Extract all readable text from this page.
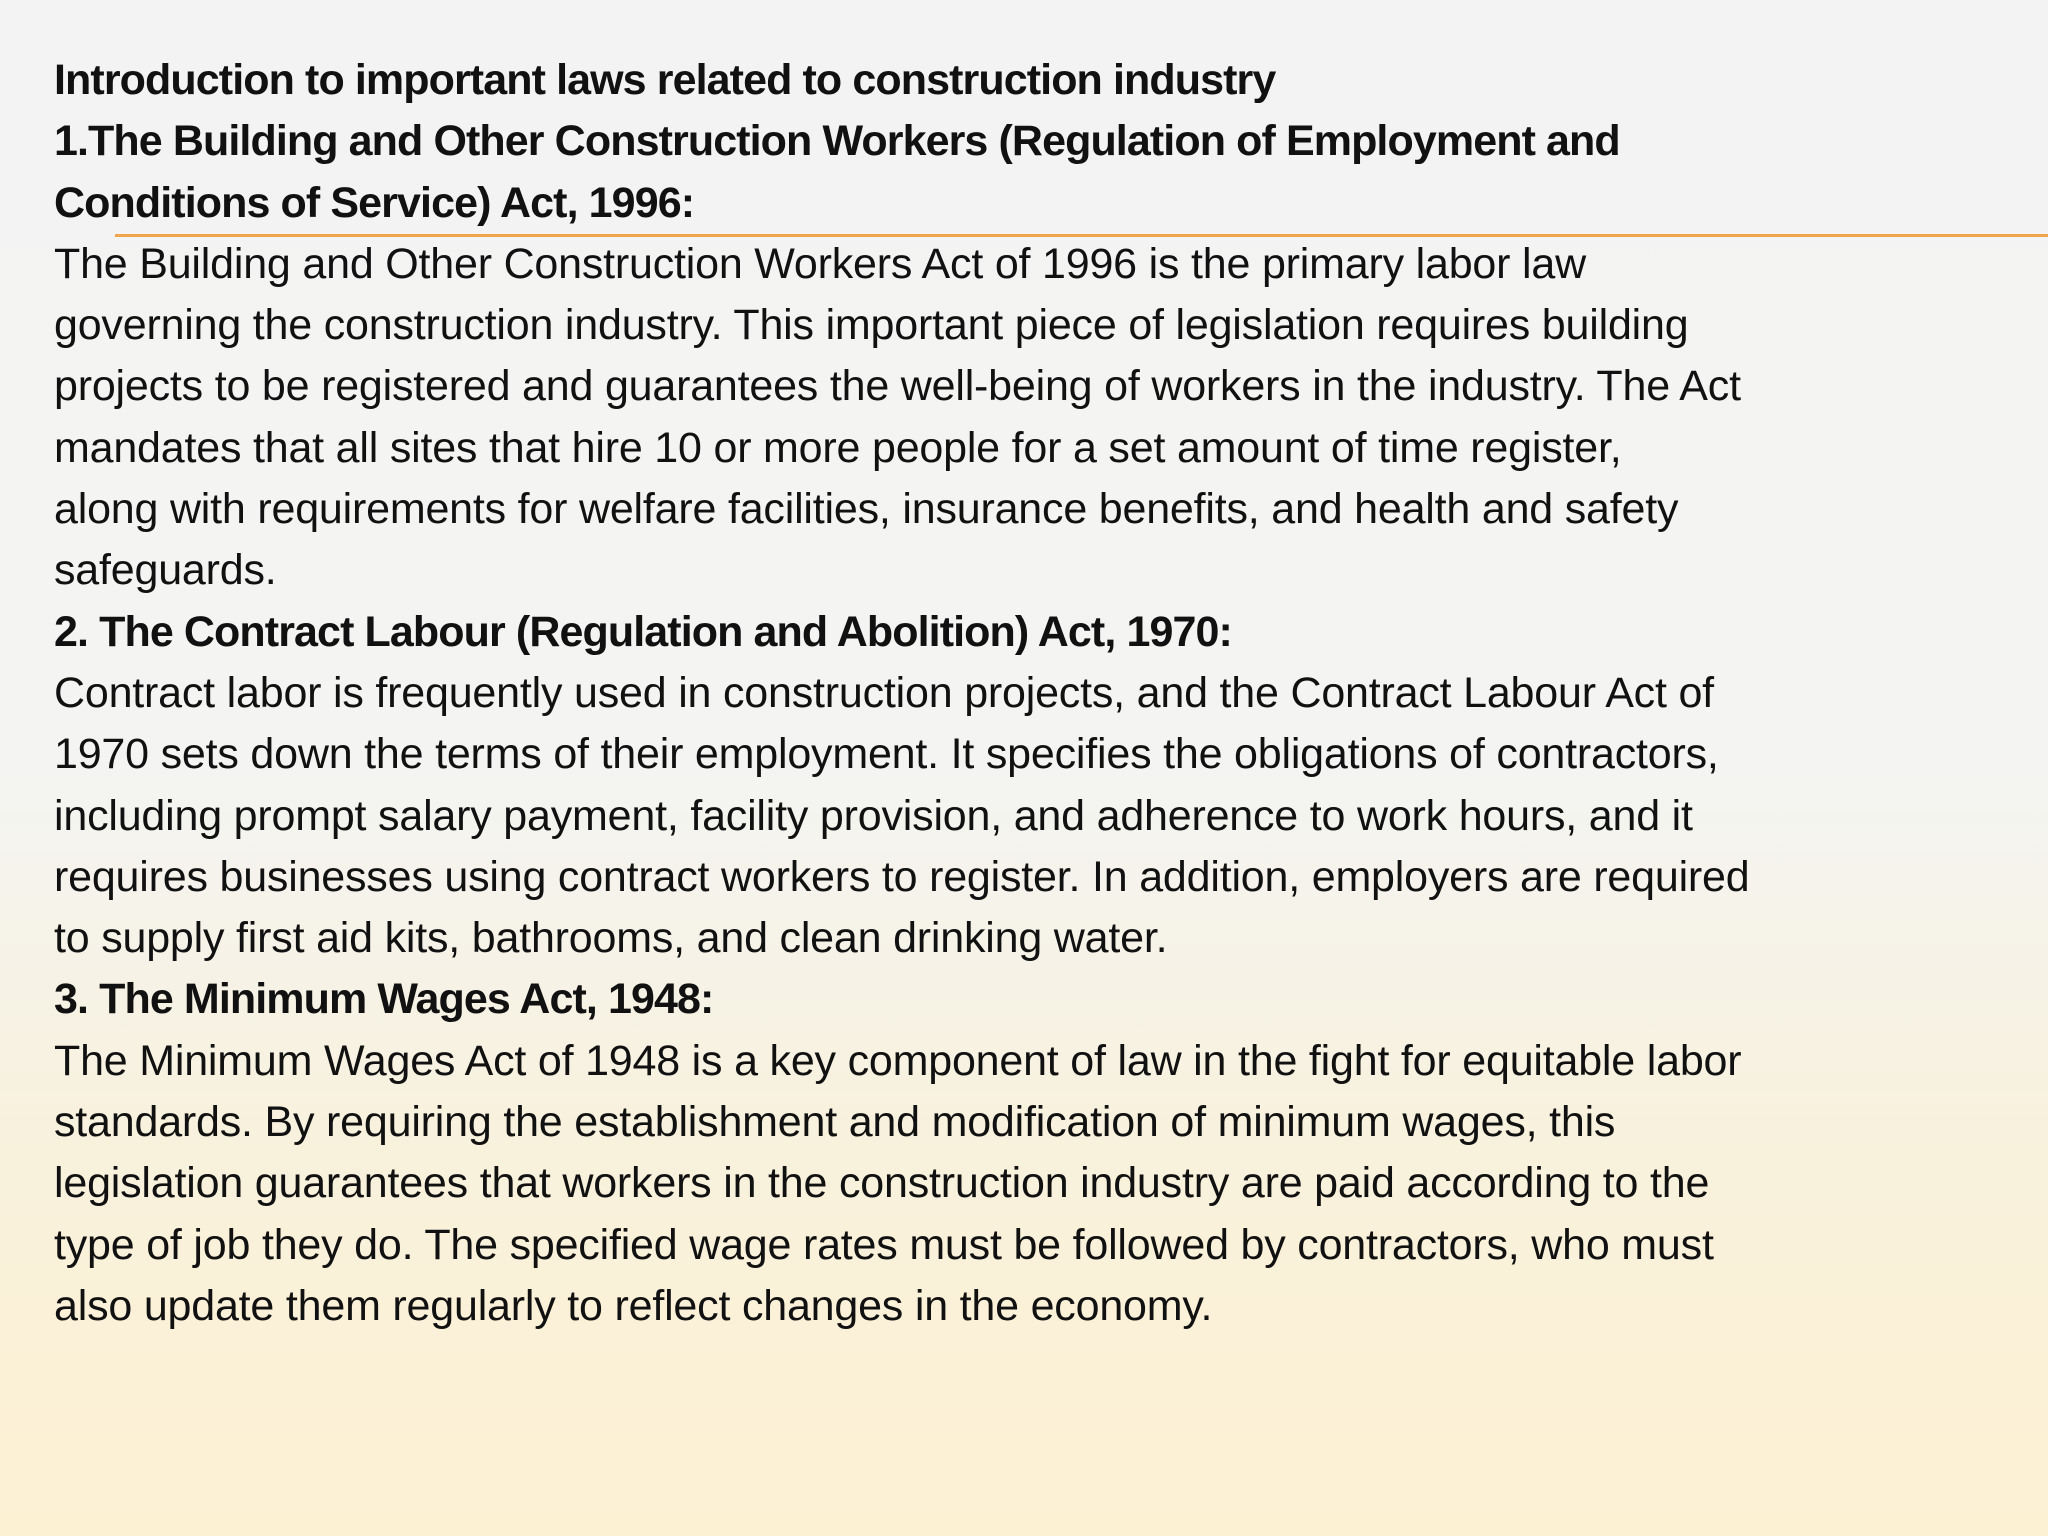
Introduction to important laws related to construction industry
1.The Building and Other Construction Workers (Regulation of Employment and
Conditions of Service) Act, 1996:
The Building and Other Construction Workers Act of 1996 is the primary labor law
governing the construction industry. This important piece of legislation requires building
projects to be registered and guarantees the well-being of workers in the industry. The Act
mandates that all sites that hire 10 or more people for a set amount of time register,
along with requirements for welfare facilities, insurance benefits, and health and safety
safeguards.
2. The Contract Labour (Regulation and Abolition) Act, 1970:
Contract labor is frequently used in construction projects, and the Contract Labour Act of
1970 sets down the terms of their employment. It specifies the obligations of contractors,
including prompt salary payment, facility provision, and adherence to work hours, and it
requires businesses using contract workers to register. In addition, employers are required
to supply first aid kits, bathrooms, and clean drinking water.
3. The Minimum Wages Act, 1948:
The Minimum Wages Act of 1948 is a key component of law in the fight for equitable labor
standards. By requiring the establishment and modification of minimum wages, this
legislation guarantees that workers in the construction industry are paid according to the
type of job they do. The specified wage rates must be followed by contractors, who must
also update them regularly to reflect changes in the economy.
